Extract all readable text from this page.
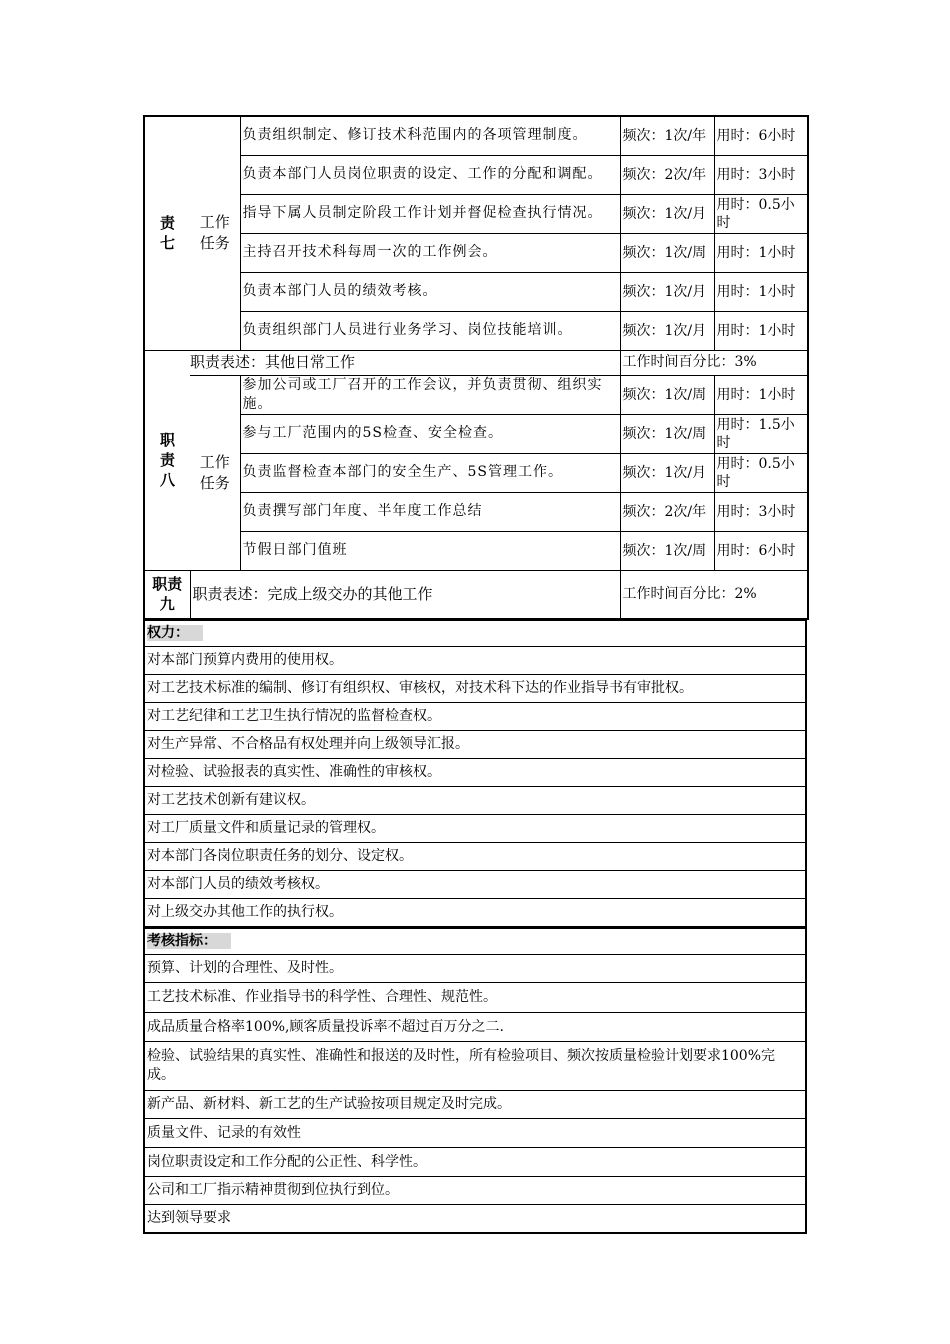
责
七	工作
任务	负责组织制定、修订技术科范围内的各项管理制度。	频次：1次/年	用时：6小时
		负责本部门人员岗位职责的设定、工作的分配和调配。	频次：2次/年	用时：3小时
		指导下属人员制定阶段工作计划并督促检查执行情况。	频次：1次/月	用时：0.5小时
		主持召开技术科每周一次的工作例会。	频次：1次/周	用时：1小时
		负责本部门人员的绩效考核。	频次：1次/月	用时：1小时
		负责组织部门人员进行业务学习、岗位技能培训。	频次：1次/月	用时：1小时
职
责
八	职责表述：其他日常工作		工作时间百分比：3%	
	工作
任务	参加公司或工厂召开的工作会议，并负责贯彻、组织实施。	频次：1次/周	用时：1小时
		参与工厂范围内的5S检查、安全检查。	频次：1次/周	用时：1.5小时
		负责监督检查本部门的安全生产、5S管理工作。	频次：1次/月	用时：0.5小时
		负责撰写部门年度、半年度工作总结	频次：2次/年	用时：3小时
		节假日部门值班	频次：1次/周	用时：6小时
职责
九	职责表述：完成上级交办的其他工作		工作时间百分比：2%	
权力：
对本部门预算内费用的使用权。
对工艺技术标准的编制、修订有组织权、审核权，对技术科下达的作业指导书有审批权。
对工艺纪律和工艺卫生执行情况的监督检查权。
对生产异常、不合格品有权处理并向上级领导汇报。
对检验、试验报表的真实性、准确性的审核权。
对工艺技术创新有建议权。
对工厂质量文件和质量记录的管理权。
对本部门各岗位职责任务的划分、设定权。
对本部门人员的绩效考核权。
对上级交办其他工作的执行权。
考核指标：
预算、计划的合理性、及时性。
工艺技术标准、作业指导书的科学性、合理性、规范性。
成品质量合格率100%,顾客质量投诉率不超过百万分之二.
检验、试验结果的真实性、准确性和报送的及时性，所有检验项目、频次按质量检验计划要求100%完成。
新产品、新材料、新工艺的生产试验按项目规定及时完成。
质量文件、记录的有效性
岗位职责设定和工作分配的公正性、科学性。
公司和工厂指示精神贯彻到位执行到位。
达到领导要求
